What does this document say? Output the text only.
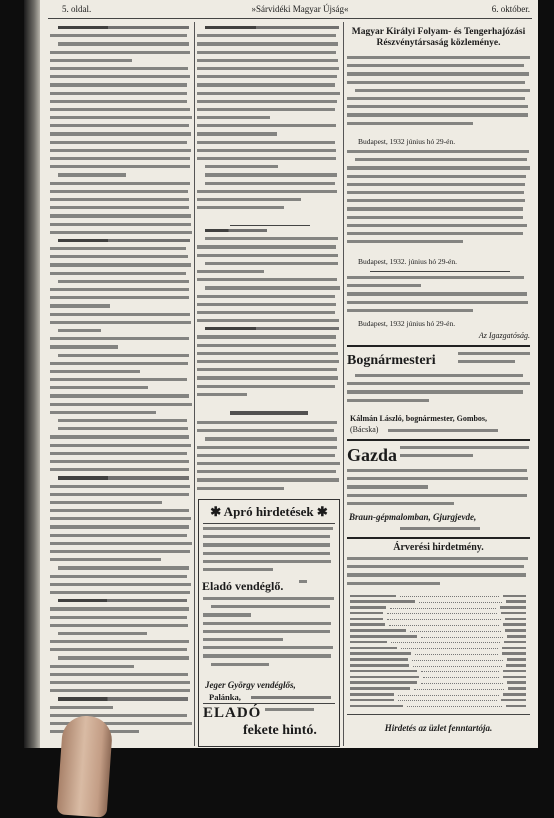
5. oldal.	»Sárvidéki Magyar Újság«	6. október.
✱ Apró hirdetések ✱
Eladó vendéglő.
Jeger György vendéglős,
Palánka,
ELADÓ
fekete hintó.
Magyar Királyi Folyam- és Tengerhajózási Részvénytársaság közleménye.
Budapest, 1932 június hó 29-én.
Budapest, 1932. június hó 29-én.
Budapest, 1932 június hó 29-én.
Az Igazgatóság.
Bognármesteri
Kálmán László, bognármester, Gombos,
(Bácska)
Gazda
Braun-gépmalomban, Gjurgjevde,
Árverési hirdetmény.
Hirdetés az üzlet fenntartója.
